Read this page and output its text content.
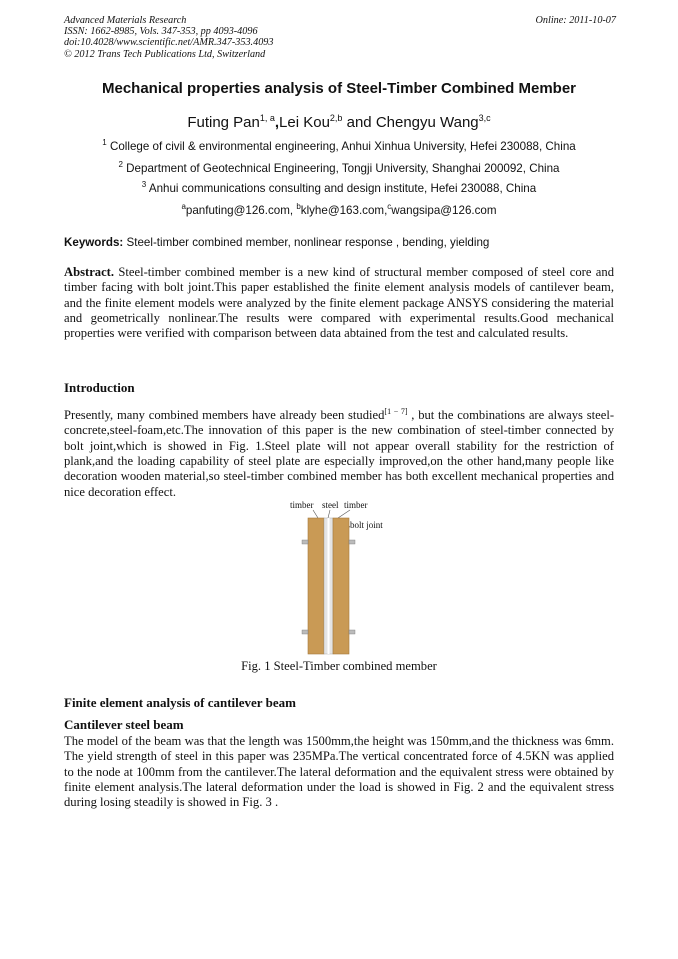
Advanced Materials Research
ISSN: 1662-8985, Vols. 347-353, pp 4093-4096
doi:10.4028/www.scientific.net/AMR.347-353.4093
© 2012 Trans Tech Publications Ltd, Switzerland
Online: 2011-10-07
Mechanical properties analysis of Steel-Timber Combined Member
Futing Pan$^{1, a}$,Lei Kou$^{2,b}$ and Chengyu Wang$^{3,c}$
$^1$ College of civil & environmental engineering, Anhui Xinhua University, Hefei 230088, China
$^2$ Department of Geotechnical Engineering, Tongji University, Shanghai 200092, China
$^3$ Anhui communications consulting and design institute, Hefei 230088, China
$^a$panfuting@126.com, $^b$klyhe@163.com,$^c$wangsipa@126.com
Keywords: Steel-timber combined member, nonlinear response , bending, yielding
Abstract. Steel-timber combined member is a new kind of structural member composed of steel core and timber facing with bolt joint.This paper established the finite element analysis models of cantilever beam, and the finite element models were analyzed by the finite element package ANSYS considering the material and geometrically nonlinear.The results were compared with experimental results.Good mechanical properties were verified with comparison between data abtained from the test and calculated results.
Introduction
Presently, many combined members have already been studied[1 − 7] , but the combinations are always steel-concrete,steel-foam,etc.The innovation of this paper is the new combination of steel-timber connected by bolt joint,which is showed in Fig. 1.Steel plate will not appear overall stability for the restriction of plank,and the loading capability of steel plate are especially improved,on the other hand,many people like decoration wooden material,so steel-timber combined member has both excellent mechanical properties and nice decoration effect.
timber steel timber
bolt joint
Fig. 1 Steel-Timber combined member
Finite element analysis of cantilever beam
Cantilever steel beam
The model of the beam was that the length was 1500mm,the height was 150mm,and the thickness was 6mm. The yield strength of steel in this paper was 235MPa.The vertical concentrated force of 4.5KN was applied to the node at 100mm from the cantilever.The lateral deformation and the equivalent stress were obtained by finite element analysis.The lateral deformation under the load is showed in Fig. 2 and the equivalent stress during losing steadily is showed in Fig. 3 .
